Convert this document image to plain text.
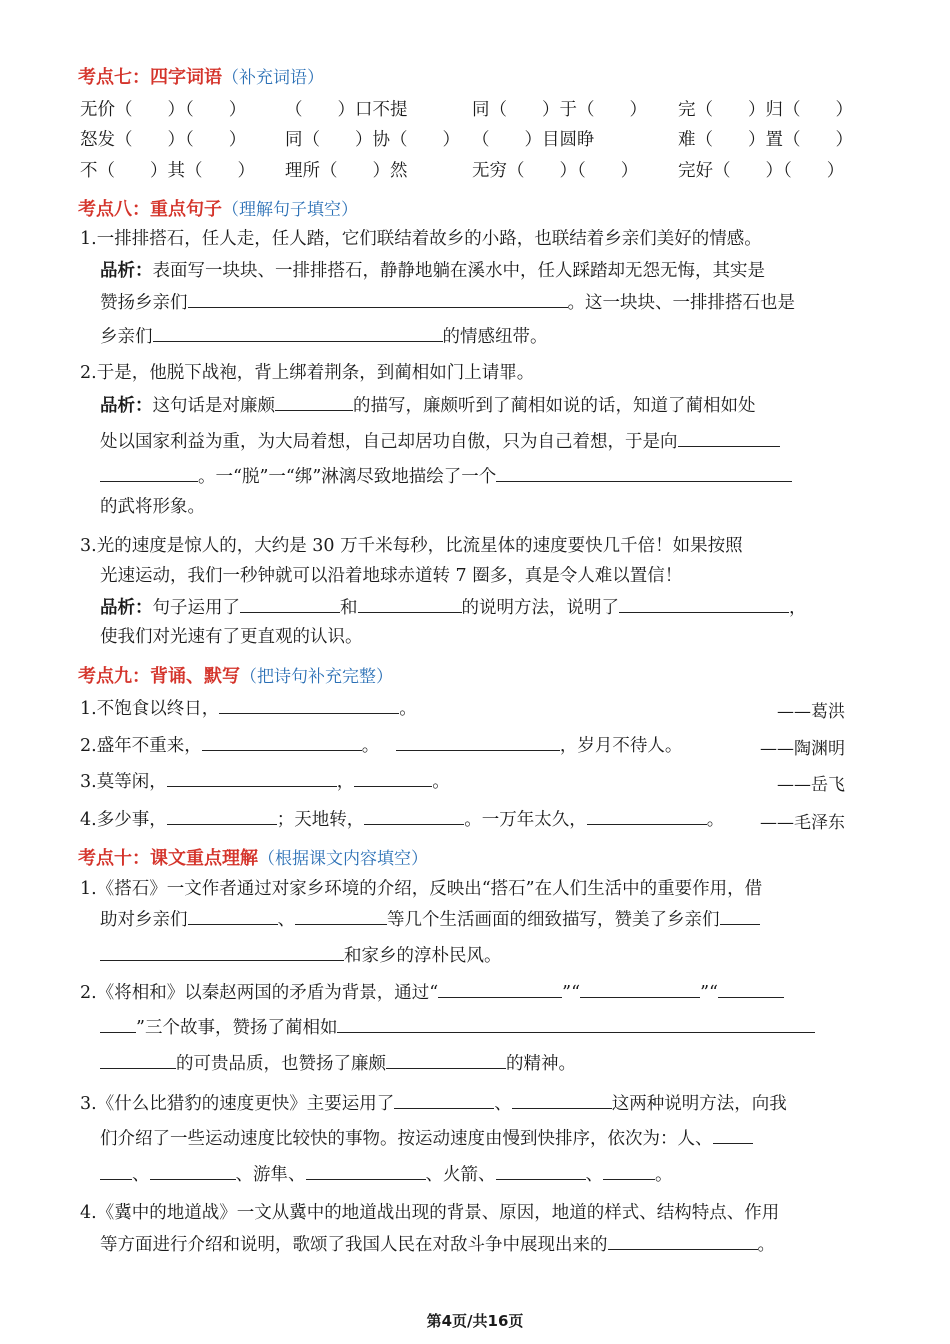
考点七：四字词语（补充词语）
无价（　　）（　　） （　　）口不提	同（　　）于（　　） 完（　　）归（　　）
怒发（　　）（　　） 同（　　）协（　　） （　　）目圆睁	难（　　）置（　　）
不（　　）其（　　） 理所（　　）然	无穷（　　）（　　） 完好（　　）（　　）
考点八：重点句子（理解句子填空）
1.一排排搭石，任人走，任人踏，它们联结着故乡的小路，也联结着乡亲们美好的情感。
品析：表面写一块块、一排排搭石，静静地躺在溪水中，任人踩踏却无怨无悔，其实是
赞扬乡亲们	。这一块块、一排排搭石也是
乡亲们	的情感纽带。
2.于是，他脱下战袍，背上绑着荆条，到蔺相如门上请罪。
品析：这句话是对廉颇	的描写，廉颇听到了蔺相如说的话，知道了蔺相如处
处以国家利益为重，为大局着想，自己却居功自傲，只为自己着想，于是向
。一“脱”一“绑”淋漓尽致地描绘了一个
的武将形象。
3.光的速度是惊人的，大约是 30 万千米每秒，比流星体的速度要快几千倍！如果按照
光速运动，我们一秒钟就可以沿着地球赤道转 7 圈多，真是令人难以置信！
品析：句子运用了	和	的说明方法，说明了	，
使我们对光速有了更直观的认识。
考点九：背诵、默写（把诗句补充完整）
1.不饱食以终日，	。	——葛洪
2.盛年不重来，	。	，岁月不待人。	——陶渊明
3.莫等闲，	，	。	——岳飞
4.多少事，	；天地转，	。一万年太久，	。 ——毛泽东
考点十：课文重点理解（根据课文内容填空）
1.《搭石》一文作者通过对家乡环境的介绍，反映出“搭石”在人们生活中的重要作用，借
助对乡亲们	、	等几个生活画面的细致描写，赞美了乡亲们
和家乡的淳朴民风。
2.《将相和》以秦赵两国的矛盾为背景，通过“	”“	”“
”三个故事，赞扬了蔺相如
的可贵品质，也赞扬了廉颇	的精神。
3.《什么比猎豹的速度更快》主要运用了	、	这两种说明方法，向我
们介绍了一些运动速度比较快的事物。按运动速度由慢到快排序，依次为：人、
、	、游隼、	、火箭、	、	。
4.《冀中的地道战》一文从冀中的地道战出现的背景、原因，地道的样式、结构特点、作用
等方面进行介绍和说明，歌颂了我国人民在对敌斗争中展现出来的	。
第4页/共16页
